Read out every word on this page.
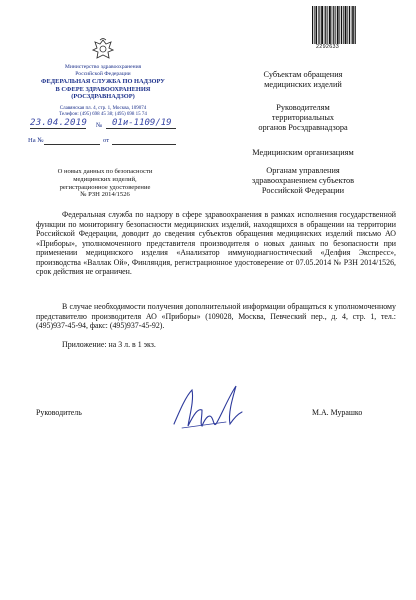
Министерство здравоохранения
Российской Федерации
ФЕДЕРАЛЬНАЯ СЛУЖБА ПО НАДЗОРУ
В СФЕРЕ ЗДРАВООХРАНЕНИЯ
(РОСЗДРАВНАДЗОР)
Славянская пл. 4, стр. 1, Москва, 109074
Телефон: (495) 698 45 38; (495) 698 15 74
23.04.2019 № 01и-1109/19
На №	от
О новых данных по безопасности
медицинских изделий,
регистрационное удостоверение
№ РЗН 2014/1526
2292633
Субъектам обращения
медицинских изделий
Руководителям
территориальных
органов Росздравнадзора
Медицинским организациям
Органам управления
здравоохранением субъектов
Российской Федерации
Федеральная служба по надзору в сфере здравоохранения в рамках исполнения государственной функции по мониторингу безопасности медицинских изделий, находящихся в обращении на территории Российской Федерации, доводит до сведения субъектов обращения медицинских изделий письмо АО «Приборы», уполномоченного представителя производителя о новых данных по безопасности при применении медицинского изделия «Анализатор иммунодиагностический «Делфия Экспресс», производства «Валлак Ой», Финляндия, регистрационное удостоверение от 07.05.2014 № РЗН 2014/1526, срок действия не ограничен.
В случае необходимости получения дополнительной информации обращаться к уполномоченному представителю производителя АО «Приборы» (109028, Москва, Певческий пер., д. 4, стр. 1, тел.: (495)937-45-94, факс: (495)937-45-92).
Приложение: на 3 л. в 1 экз.
Руководитель	М.А. Мурашко
